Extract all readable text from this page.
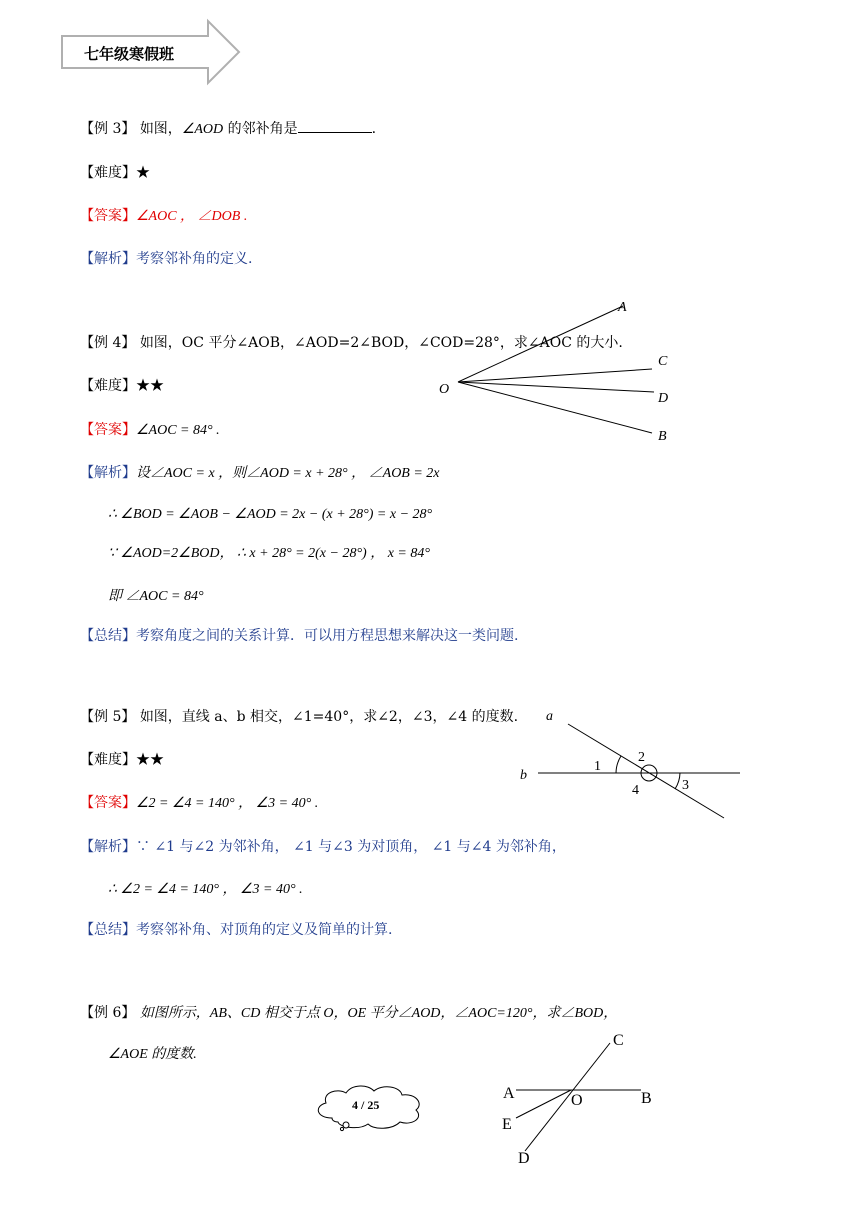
七年级寒假班
【例 3】 如图，∠AOD 的邻补角是	.
【难度】★
【答案】∠AOC ， ∠DOB .
【解析】考察邻补角的定义.
【例 4】 如图，OC 平分∠AOB，∠AOD=2∠BOD，∠COD=28°，求∠AOC 的大小.
【难度】★★
【答案】∠AOC = 84° .
【解析】设∠AOC = x ，则∠AOD = x + 28° ， ∠AOB = 2x
∴ ∠BOD = ∠AOB − ∠AOD = 2x − (x + 28°) = x − 28°
∵ ∠AOD=2∠BOD， ∴ x + 28° = 2(x − 28°) ， x = 84°
即 ∠AOC = 84°
【总结】考察角度之间的关系计算．可以用方程思想来解决这一类问题.
A
C
D
B
O
【例 5】 如图，直线 a、b 相交，∠1=40°，求∠2，∠3，∠4 的度数.
【难度】★★
【答案】∠2 = ∠4 = 140° ， ∠3 = 40° .
【解析】∵ ∠1 与∠2 为邻补角， ∠1 与∠3 为对顶角， ∠1 与∠4 为邻补角，
∴ ∠2 = ∠4 = 140° ， ∠3 = 40° .
【总结】考察邻补角、对顶角的定义及简单的计算.
a
b
1
2
3
4
【例 6】 如图所示，AB、CD 相交于点 O，OE 平分∠AOD，∠AOC=120°，求∠BOD，
∠AOE 的度数.
C
A	B
O
E
D
4 / 25
